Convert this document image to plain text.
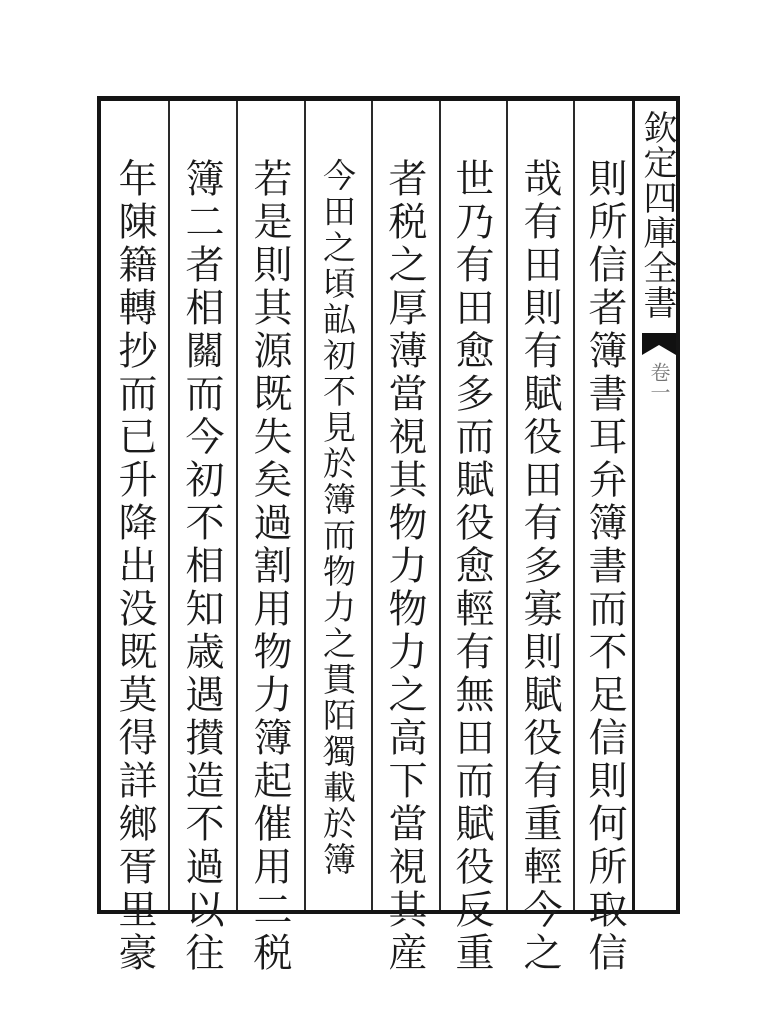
欽定四庫全書
卷一
則所信者簿書耳弁簿書而不足信則何所取信
哉有田則有賦役田有多寡則賦役有重輕今之
世乃有田愈多而賦役愈輕有無田而賦役反重
者税之厚薄當視其物力物力之高下當視其産
今田之頃畆初不見於簿而物力之貫陌獨載於簿
若是則其源既失矣過割用物力簿起催用二税
簿二者相關而今初不相知歳遇攅造不過以往
年陳籍轉抄而已升降出没既莫得詳鄉胥里豪
